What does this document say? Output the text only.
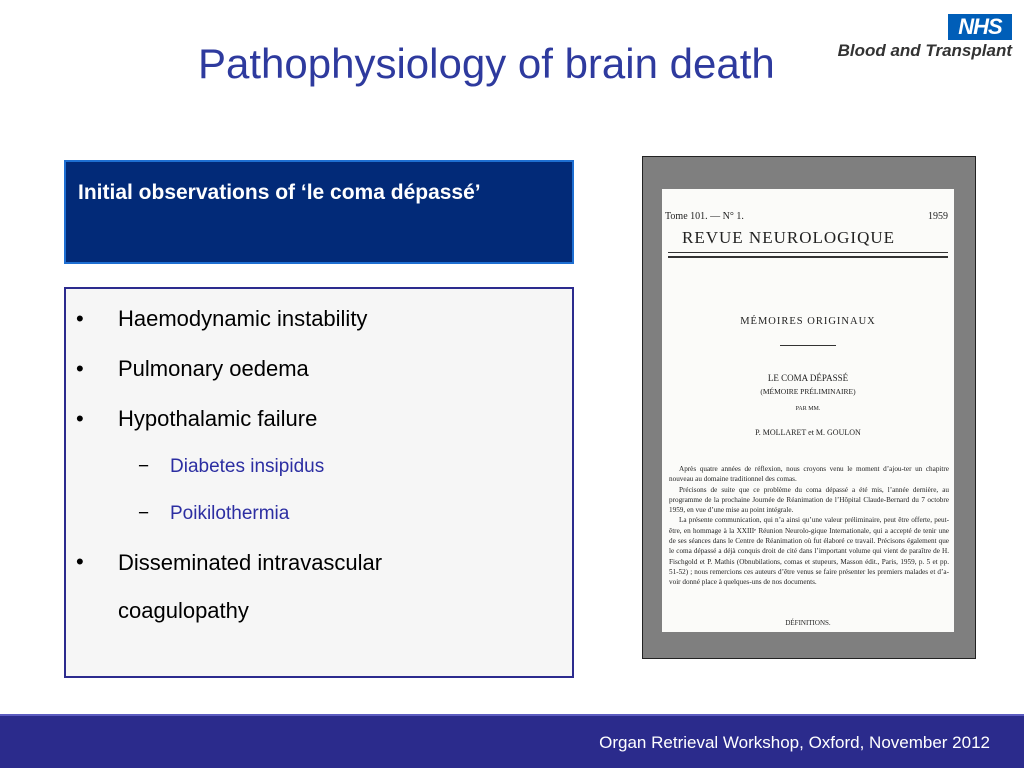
Pathophysiology of brain death
NHS
Blood and Transplant
Initial observations of ‘le coma dépassé’
• Haemodynamic instability
• Pulmonary oedema
• Hypothalamic failure
− Diabetes insipidus
− Poikilothermia
• Disseminated intravascular coagulopathy
Tome 101. — N° 1.	1959
REVUE NEUROLOGIQUE
MÉMOIRES ORIGINAUX
LE COMA DÉPASSÉ
(MÉMOIRE PRÉLIMINAIRE)
PAR MM.
P. MOLLARET et M. GOULON

Après quatre années de réflexion, nous croyons venu le moment d’ajou-ter un chapitre nouveau au domaine traditionnel des comas.

Précisons de suite que ce problème du coma dépassé a été mis, l’année dernière, au programme de la prochaine Journée de Réanimation de l’Hôpital Claude-Bernard du 7 octobre 1959, en vue d’une mise au point intégrale.

La présente communication, qui n’a ainsi qu’une valeur préliminaire, peut être offerte, peut-être, en hommage à la XXIIIᵉ Réunion Neurolo-gique Internationale, qui a accepté de tenir une de ses séances dans le Centre de Réanimation où fut élaboré ce travail. Précisons également que le coma dépassé a déjà conquis droit de cité dans l’important volume qui vient de paraître de H. Fischgold et P. Mathis (Obnubilations, comas et stupeurs, Masson édit., Paris, 1959, p. 5 et pp. 51-52) ; nous remercions ces auteurs d’être venus se faire présenter les premiers malades et d’a-voir donné place à quelques-uns de nos documents.

DÉFINITIONS.
Organ Retrieval Workshop, Oxford, November 2012
